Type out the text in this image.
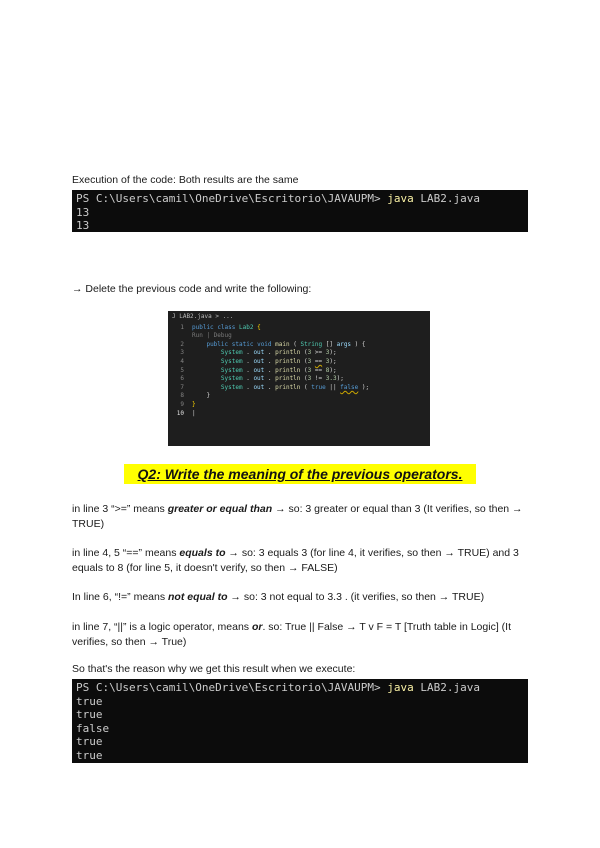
Execution of the code: Both results are the same
PS C:\Users\camil\OneDrive\Escritorio\JAVAUPM> java LAB2.java
13
13
→ Delete the previous code and write the following:
J LAB2.java > ...
1	public class Lab2 {
Run | Debug
2	public static void main ( String [] args ) {
3	System . out . println (3 >= 3);
4	System . out . println (3 == 3);
5	System . out . println (3 == 8);
6	System . out . println (3 != 3.3);
7	System . out . println ( true || false );
8	}
9	}
10	|
Q2: Write the meaning of the previous operators.
in line 3 “>=” means greater or equal than → so: 3 greater or equal than 3 (It verifies, so then → TRUE)
in line 4, 5 “==” means equals to → so: 3 equals 3 (for line 4, it verifies, so then → TRUE) and 3 equals to 8 (for line 5, it doesn't verify, so then → FALSE)
In line 6, “!=” means not equal to → so: 3 not equal to 3.3 . (it verifies, so then → TRUE)
in line 7, “||” is a logic operator, means or. so: True || False → T v F = T [Truth table in Logic] (It verifies, so then → True)
So that's the reason why we get this result when we execute:
PS C:\Users\camil\OneDrive\Escritorio\JAVAUPM> java LAB2.java
true
true
false
true
true
